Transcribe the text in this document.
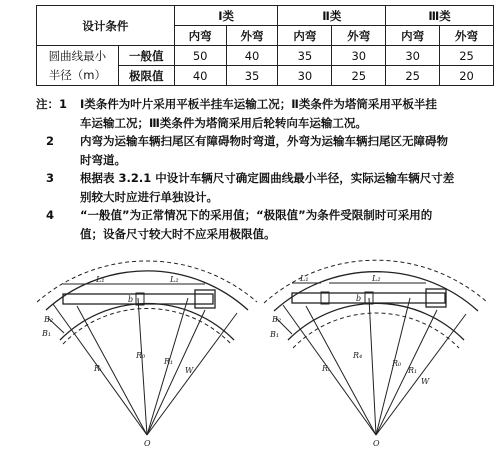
设计条件		Ⅰ类		Ⅱ类		Ⅲ类	
		内弯	外弯	内弯	外弯	内弯	外弯

圆曲线最小
半径（m）	一般值	50	40	35	30	30	25
	极限值	40	35	30	25	25	20
注：1 Ⅰ类条件为叶片采用平板半挂车运输工况；Ⅱ类条件为塔筒采用平板半挂
车运输工况；Ⅲ类条件为塔筒采用后轮转向车运输工况。
2 内弯为运输车辆扫尾区有障碍物时弯道，外弯为运输车辆扫尾区无障碍物
时弯道。
3 根据表 3.2.1 中设计车辆尺寸确定圆曲线最小半径，实际运输车辆尺寸差
别较大时应进行单独设计。
4 “一般值”为正常情况下的采用值；“极限值”为条件受限制时可采用的
值；设备尺寸较大时不应采用极限值。
L₁	L₂
b
B₂
B₁
Rᵢ
R₀
R₁
W
O
L₁	L₂
b
B₂
B₁
Rᵢ
R₄
R₀
R₁
W
O
